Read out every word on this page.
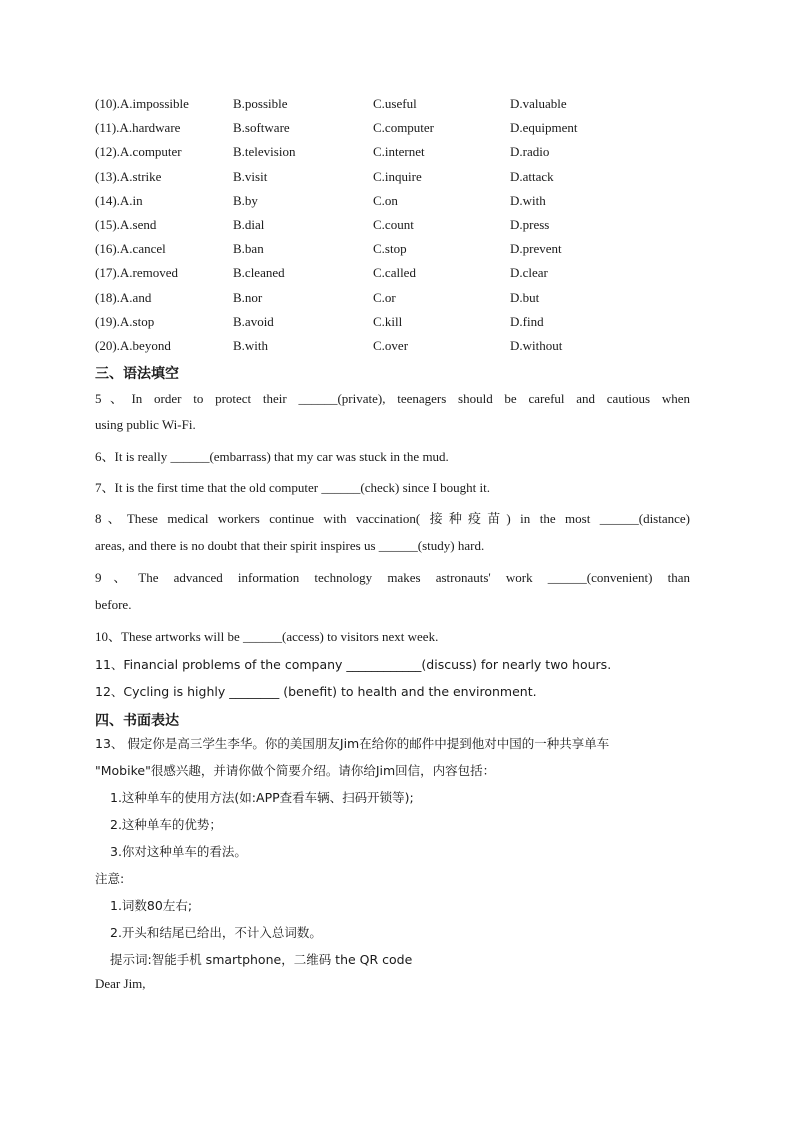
(10).A.impossible	B.possible	C.useful	D.valuable
(11).A.hardware	B.software	C.computer	D.equipment
(12).A.computer	B.television	C.internet	D.radio
(13).A.strike	B.visit	C.inquire	D.attack
(14).A.in	B.by	C.on	D.with
(15).A.send	B.dial	C.count	D.press
(16).A.cancel	B.ban	C.stop	D.prevent
(17).A.removed	B.cleaned	C.called	D.clear
(18).A.and	B.nor	C.or	D.but
(19).A.stop	B.avoid	C.kill	D.find
(20).A.beyond	B.with	C.over	D.without
三、语法填空
5、In order to protect their ______(private), teenagers should be careful and cautious when
using public Wi-Fi.
6、It is really ______(embarrass) that my car was stuck in the mud.
7、It is the first time that the old computer ______(check) since I bought it.
8、These medical workers continue with vaccination( 接种疫苗) in the most ______(distance)
areas, and there is no doubt that their spirit inspires us ______(study) hard.
9、The advanced information technology makes astronauts' work ______(convenient) than
before.
10、These artworks will be ______(access) to visitors next week.
11、Financial problems of the company ____________(discuss) for nearly two hours.
12、Cycling is highly ________ (benefit) to health and the environment.
四、书面表达
13、 假定你是高三学生李华。你的美国朋友Jim在给你的邮件中提到他对中国的一种共享单车
"Mobike"很感兴趣，并请你做个简要介绍。请你给Jim回信，内容包括：
1.这种单车的使用方法(如:APP查看车辆、扫码开锁等);
2.这种单车的优势；
3.你对这种单车的看法。
注意:
1.词数80左右;
2.开头和结尾已给出，不计入总词数。
提示词:智能手机 smartphone，二维码 the QR code
Dear Jim,
